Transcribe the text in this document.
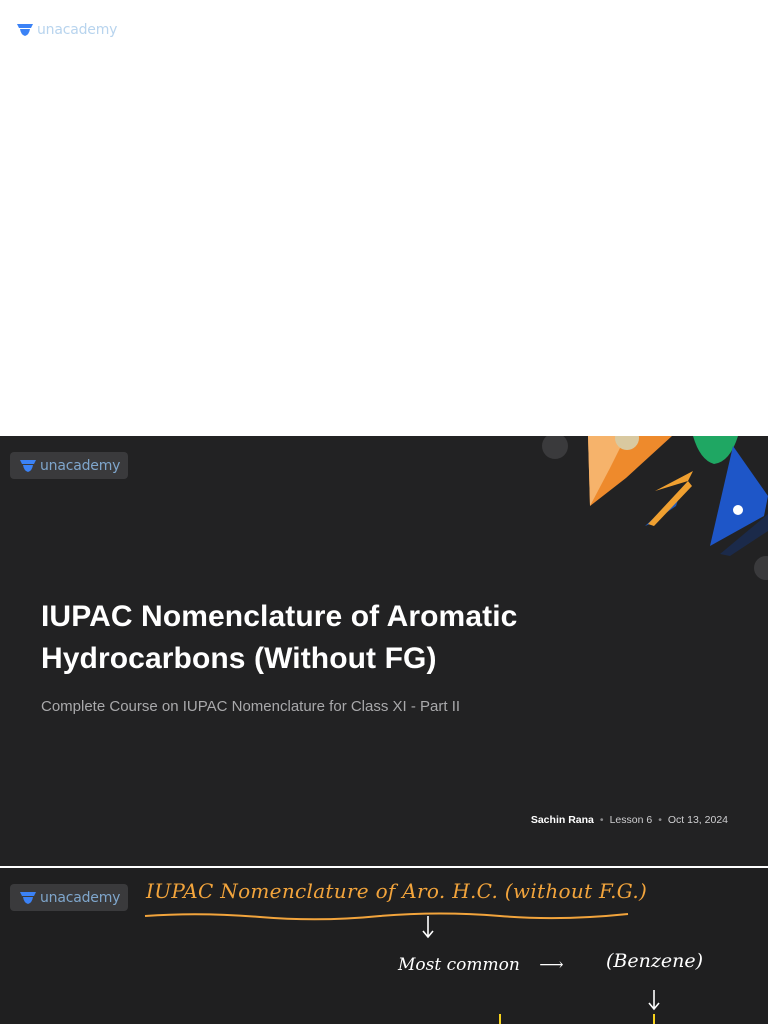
unacademy
unacademy
IUPAC Nomenclature of Aromatic
Hydrocarbons (Without FG)
Complete Course on IUPAC Nomenclature for Class XI - Part II
Sachin Rana • Lesson 6 • Oct 13, 2024
unacademy IUPAC Nomenclature of Aro. H.C. (without F.G.)
Most common ⟶ (Benzene)
